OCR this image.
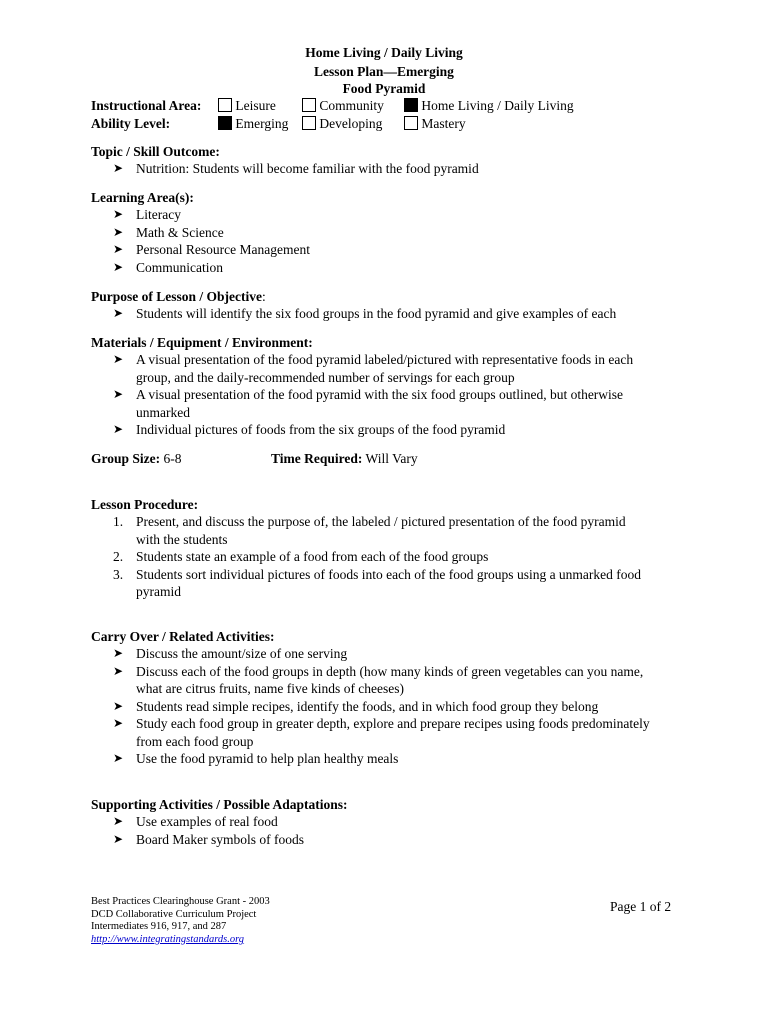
Home Living / Daily Living
Lesson Plan—Emerging
Food Pyramid
Instructional Area:	Leisure	Community	Home Living / Daily Living
Ability Level:	Emerging	Developing	Mastery
Topic / Skill Outcome:
➤ Nutrition: Students will become familiar with the food pyramid
Learning Area(s):
➤ Literacy
➤ Math & Science
➤ Personal Resource Management
➤ Communication
Purpose of Lesson / Objective:
➤ Students will identify the six food groups in the food pyramid and give examples of each
Materials / Equipment / Environment:
➤ A visual presentation of the food pyramid labeled/pictured with representative foods in each group, and the daily-recommended number of servings for each group
➤ A visual presentation of the food pyramid with the six food groups outlined, but otherwise unmarked
➤ Individual pictures of foods from the six groups of the food pyramid
Group Size: 6-8	Time Required: Will Vary
Lesson Procedure:
1. Present, and discuss the purpose of, the labeled / pictured presentation of the food pyramid with the students
2. Students state an example of a food from each of the food groups
3. Students sort individual pictures of foods into each of the food groups using a unmarked food pyramid
Carry Over / Related Activities:
➤ Discuss the amount/size of one serving
➤ Discuss each of the food groups in depth (how many kinds of green vegetables can you name, what are citrus fruits, name five kinds of cheeses)
➤ Students read simple recipes, identify the foods, and in which food group they belong
➤ Study each food group in greater depth, explore and prepare recipes using foods predominately from each food group
➤ Use the food pyramid to help plan healthy meals
Supporting Activities / Possible Adaptations:
➤ Use examples of real food
➤ Board Maker symbols of foods
Best Practices Clearinghouse Grant - 2003
DCD Collaborative Curriculum Project
Intermediates 916, 917, and 287
http://www.integratingstandards.org
Page 1 of 2
